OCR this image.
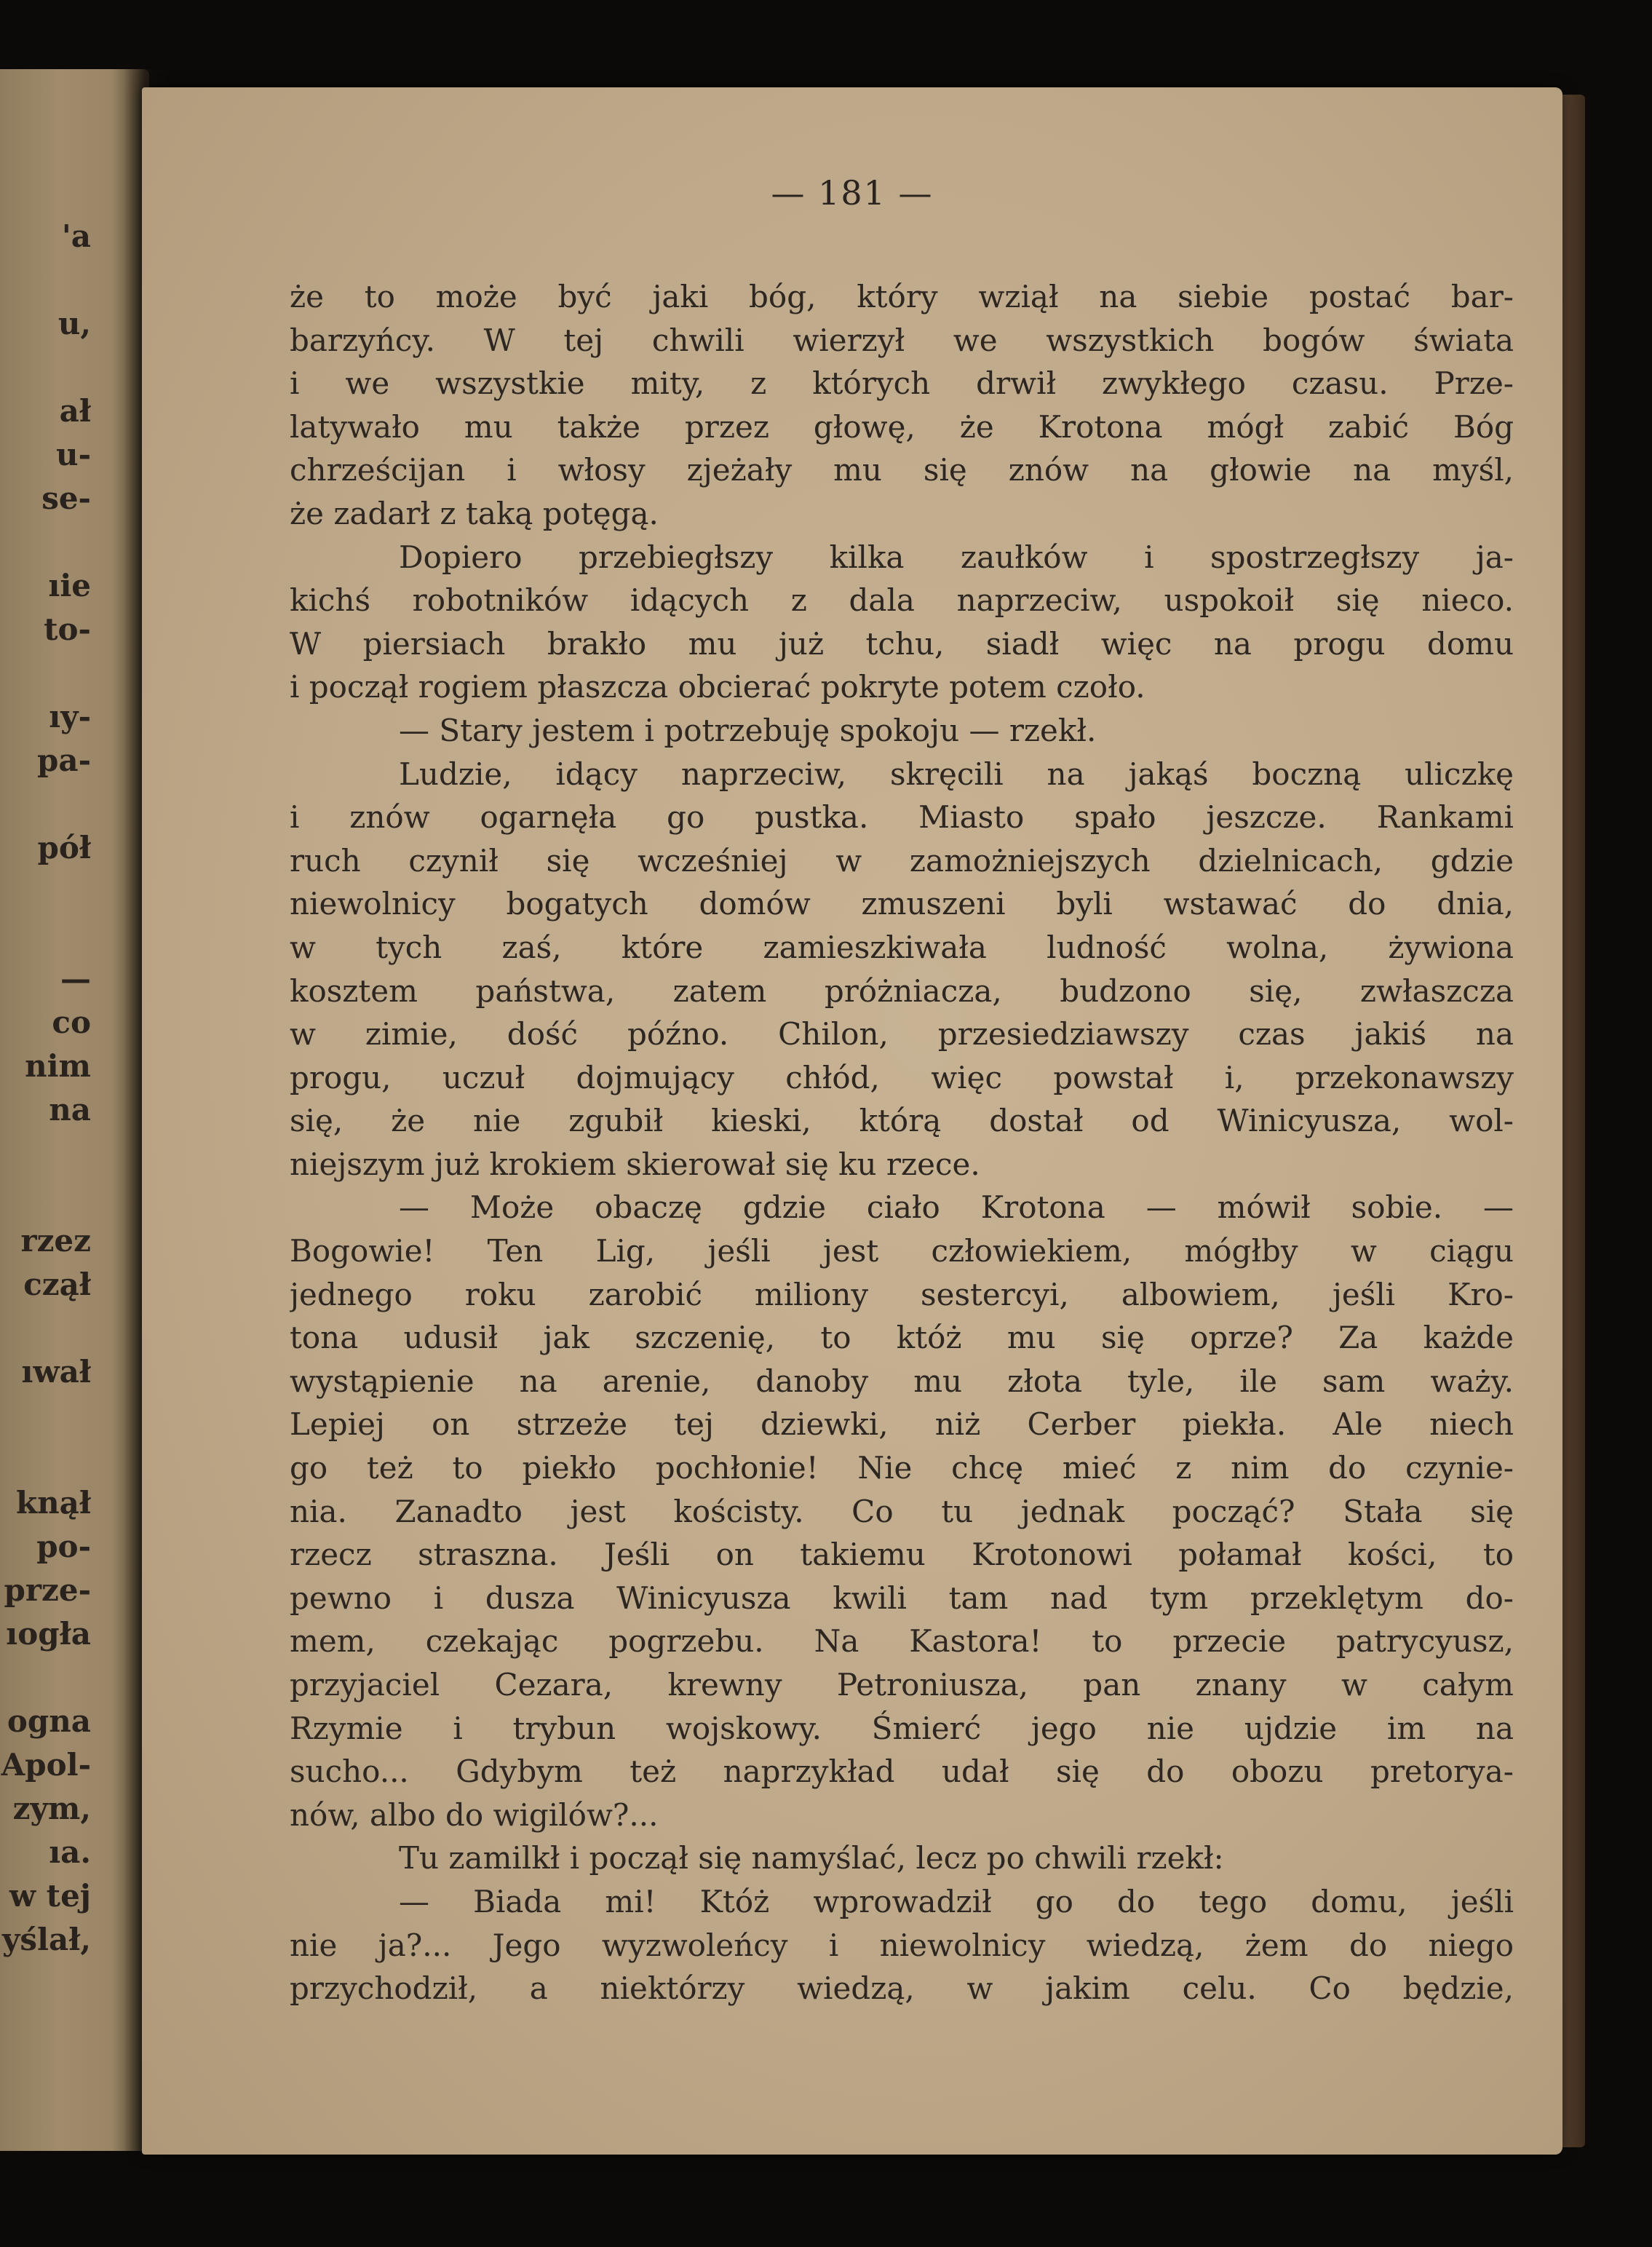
'a
u,
ał
u-
se-
ıie
to-
ıy-
pa-
pół
—
co
nim
na
rzez
czął
ıwał
knął
po-
prze-
ıogła
ogna
Apol-
zym,
ıa.
w tej
yślał,
— 181 —
że to może być jaki bóg, który wziął na siebie postać bar-
barzyńcy. W tej chwili wierzył we wszystkich bogów świata
i we wszystkie mity, z których drwił zwykłego czasu. Prze-
latywało mu także przez głowę, że Krotona mógł zabić Bóg
chrześcijan i włosy zjeżały mu się znów na głowie na myśl,
że zadarł z taką potęgą.
Dopiero przebiegłszy kilka zaułków i spostrzegłszy ja-
kichś robotników idących z dala naprzeciw, uspokoił się nieco.
W piersiach brakło mu już tchu, siadł więc na progu domu
i począł rogiem płaszcza obcierać pokryte potem czoło.
— Stary jestem i potrzebuję spokoju — rzekł.
Ludzie, idący naprzeciw, skręcili na jakąś boczną uliczkę
i znów ogarnęła go pustka. Miasto spało jeszcze. Rankami
ruch czynił się wcześniej w zamożniejszych dzielnicach, gdzie
niewolnicy bogatych domów zmuszeni byli wstawać do dnia,
w tych zaś, które zamieszkiwała ludność wolna, żywiona
kosztem państwa, zatem próżniacza, budzono się, zwłaszcza
w zimie, dość późno. Chilon, przesiedziawszy czas jakiś na
progu, uczuł dojmujący chłód, więc powstał i, przekonawszy
się, że nie zgubił kieski, którą dostał od Winicyusza, wol-
niejszym już krokiem skierował się ku rzece.
— Może obaczę gdzie ciało Krotona — mówił sobie. —
Bogowie! Ten Lig, jeśli jest człowiekiem, mógłby w ciągu
jednego roku zarobić miliony sestercyi, albowiem, jeśli Kro-
tona udusił jak szczenię, to któż mu się oprze? Za każde
wystąpienie na arenie, danoby mu złota tyle, ile sam waży.
Lepiej on strzeże tej dziewki, niż Cerber piekła. Ale niech
go też to piekło pochłonie! Nie chcę mieć z nim do czynie-
nia. Zanadto jest kościsty. Co tu jednak począć? Stała się
rzecz straszna. Jeśli on takiemu Krotonowi połamał kości, to
pewno i dusza Winicyusza kwili tam nad tym przeklętym do-
mem, czekając pogrzebu. Na Kastora! to przecie patrycyusz,
przyjaciel Cezara, krewny Petroniusza, pan znany w całym
Rzymie i trybun wojskowy. Śmierć jego nie ujdzie im na
sucho... Gdybym też naprzykład udał się do obozu pretorya-
nów, albo do wigilów?...
Tu zamilkł i począł się namyślać, lecz po chwili rzekł:
— Biada mi! Któż wprowadził go do tego domu, jeśli
nie ja?... Jego wyzwoleńcy i niewolnicy wiedzą, żem do niego
przychodził, a niektórzy wiedzą, w jakim celu. Co będzie,
